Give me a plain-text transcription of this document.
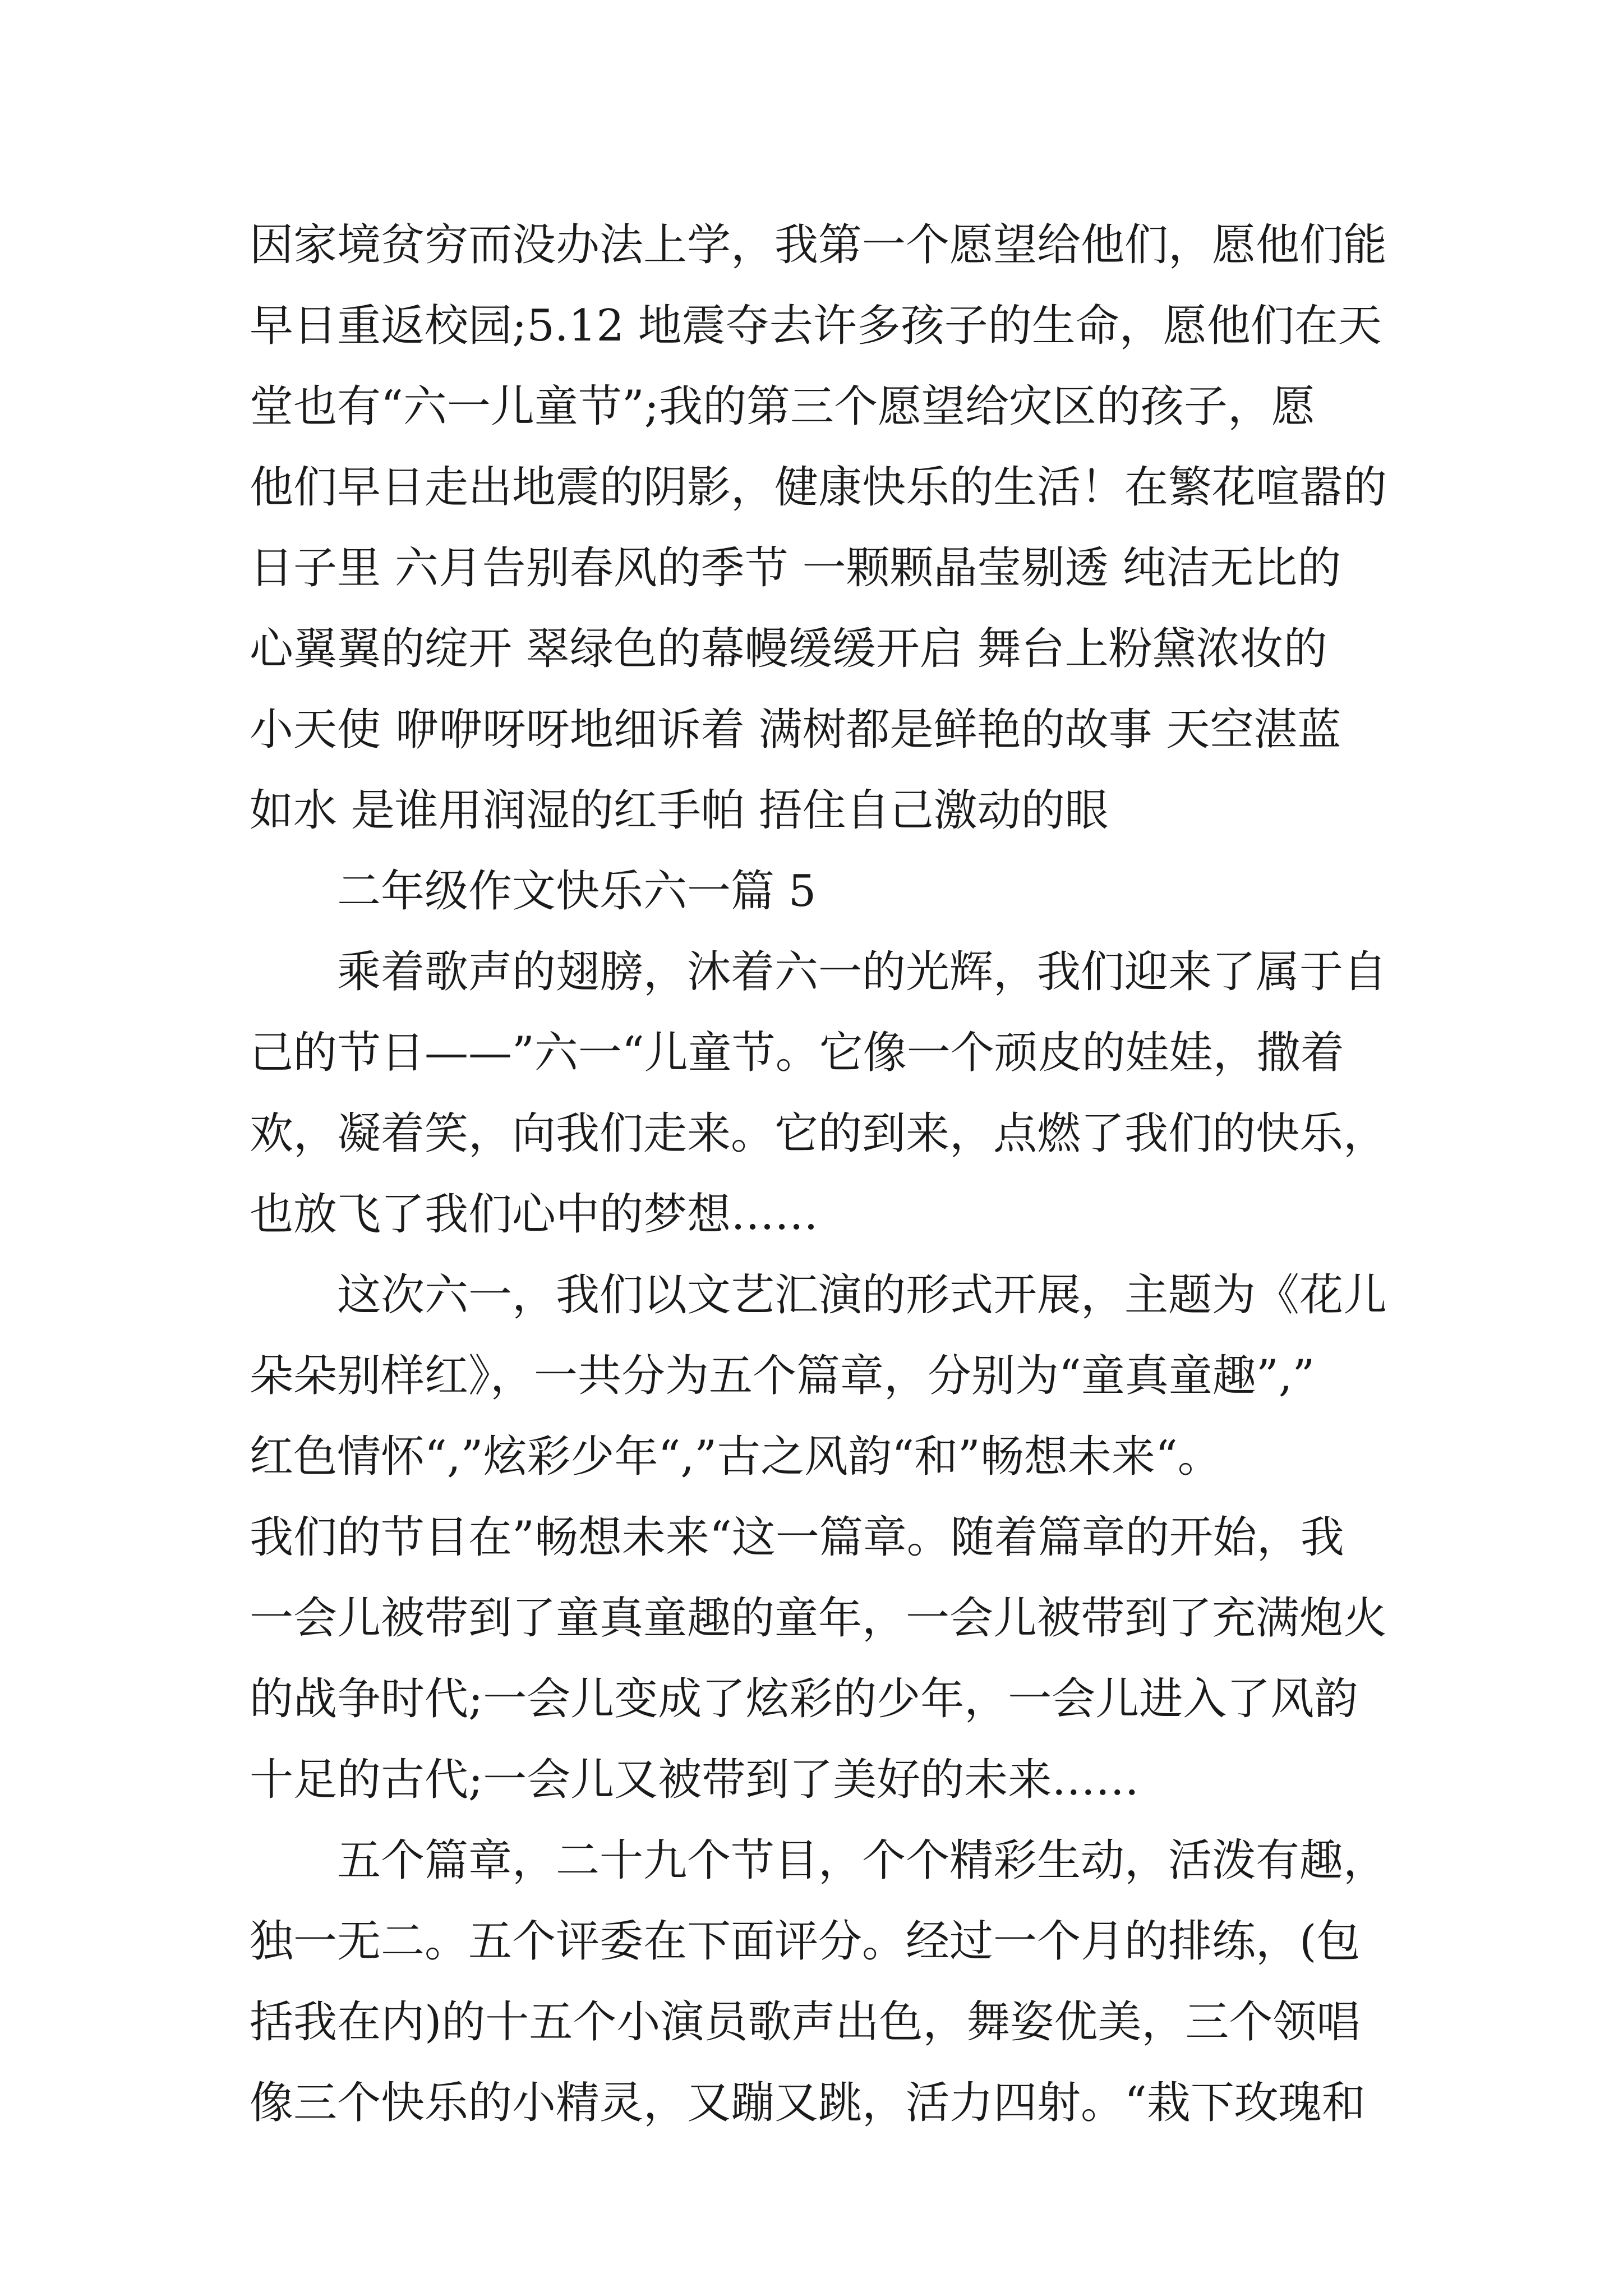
因家境贫穷而没办法上学，我第一个愿望给他们，愿他们能
早日重返校园;5.12 地震夺去许多孩子的生命，愿他们在天
堂也有“六一儿童节”;我的第三个愿望给灾区的孩子，愿
他们早日走出地震的阴影，健康快乐的生活！在繁花喧嚣的
日子里 六月告别春风的季节 一颗颗晶莹剔透 纯洁无比的
心翼翼的绽开 翠绿色的幕幔缓缓开启 舞台上粉黛浓妆的
小天使 咿咿呀呀地细诉着 满树都是鲜艳的故事 天空湛蓝
如水 是谁用润湿的红手帕 捂住自己激动的眼
二年级作文快乐六一篇 5
乘着歌声的翅膀，沐着六一的光辉，我们迎来了属于自
己的节日——”六一“儿童节。它像一个顽皮的娃娃，撒着
欢，凝着笑，向我们走来。它的到来，点燃了我们的快乐，
也放飞了我们心中的梦想……
这次六一，我们以文艺汇演的形式开展，主题为《花儿
朵朵别样红》，一共分为五个篇章，分别为“童真童趣”,”
红色情怀“,”炫彩少年“,”古之风韵“和”畅想未来“。
我们的节目在”畅想未来“这一篇章。随着篇章的开始，我
一会儿被带到了童真童趣的童年，一会儿被带到了充满炮火
的战争时代;一会儿变成了炫彩的少年，一会儿进入了风韵
十足的古代;一会儿又被带到了美好的未来……
五个篇章，二十九个节目，个个精彩生动，活泼有趣，
独一无二。五个评委在下面评分。经过一个月的排练，(包
括我在内)的十五个小演员歌声出色，舞姿优美，三个领唱
像三个快乐的小精灵，又蹦又跳，活力四射。“栽下玫瑰和
